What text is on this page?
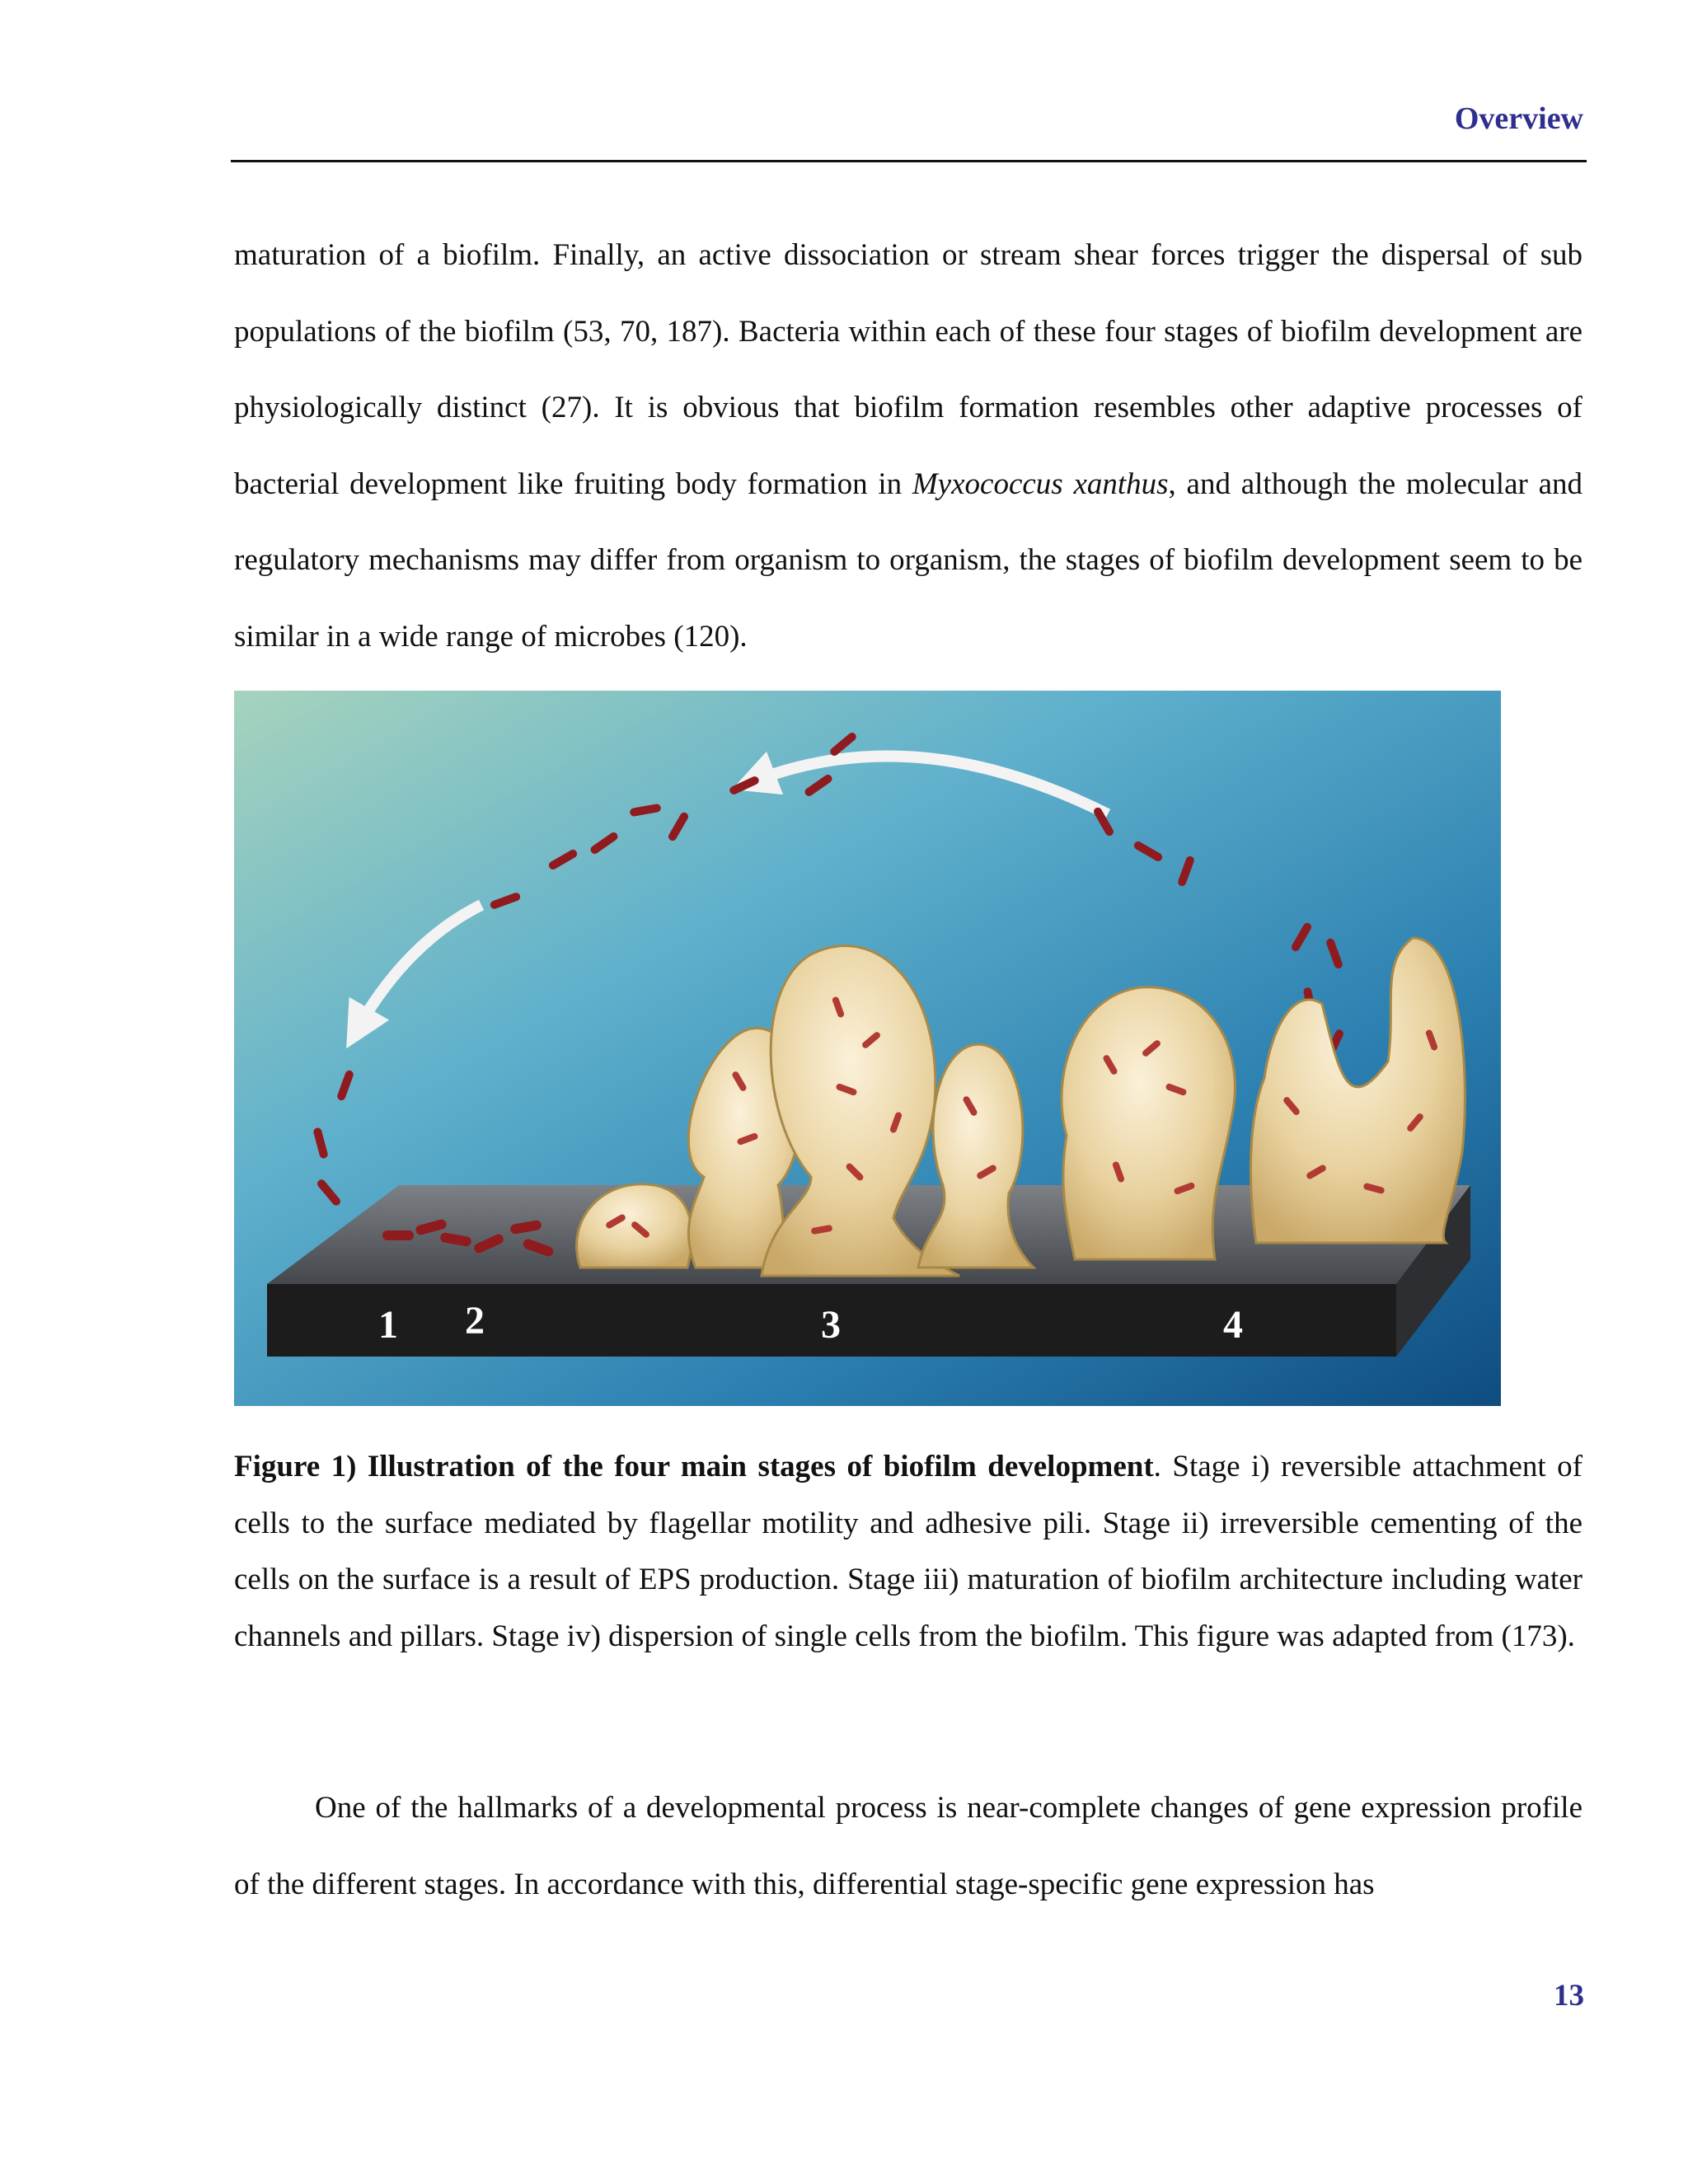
Overview

maturation of a biofilm. Finally, an active dissociation or stream shear forces trigger the dispersal of sub populations of the biofilm (53, 70, 187). Bacteria within each of these four stages of biofilm development are physiologically distinct (27). It is obvious that biofilm formation resembles other adaptive processes of bacterial development like fruiting body formation in Myxococcus xanthus, and although the molecular and regulatory mechanisms may differ from organism to organism, the stages of biofilm development seem to be similar in a wide range of microbes (120).

1 2	3	4

Figure 1) Illustration of the four main stages of biofilm development. Stage i) reversible attachment of cells to the surface mediated by flagellar motility and adhesive pili. Stage ii) irreversible cementing of the cells on the surface is a result of EPS production. Stage iii) maturation of biofilm architecture including water channels and pillars. Stage iv) dispersion of single cells from the biofilm. This figure was adapted from (173).

One of the hallmarks of a developmental process is near-complete changes of gene expression profile of the different stages. In accordance with this, differential stage-specific gene expression has

13
